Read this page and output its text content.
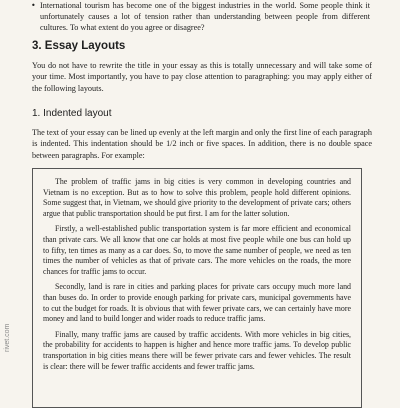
• International tourism has become one of the biggest industries in the world. Some people think it unfortunately causes a lot of tension rather than understanding between people from different cultures. To what extent do you agree or disagree?
3. Essay Layouts
You do not have to rewrite the title in your essay as this is totally unnecessary and will take some of your time. Most importantly, you have to pay close attention to paragraphing: you may apply either of the following layouts.
1. Indented layout
The text of your essay can be lined up evenly at the left margin and only the first line of each paragraph is indented. This indentation should be 1/2 inch or five spaces. In addition, there is no double space between paragraphs. For example:

The problem of traffic jams in big cities is very common in developing countries and Vietnam is no exception. But as to how to solve this problem, people hold different opinions. Some suggest that, in Vietnam, we should give priority to the development of private cars; others argue that public transportation should be put first. I am for the latter solution.

Firstly, a well-established public transportation system is far more efficient and economical than private cars. We all know that one car holds at most five people while one bus can hold up to fifty, ten times as many as a car does. So, to move the same number of people, we need as ten times the number of vehicles as that of private cars. The more vehicles on the roads, the more chances for traffic jams to occur.

Secondly, land is rare in cities and parking places for private cars occupy much more land than buses do. In order to provide enough parking for private cars, municipal governments have to cut the budget for roads. It is obvious that with fewer private cars, we can certainly have more money and land to build longer and wider roads to reduce traffic jams.

Finally, many traffic jams are caused by traffic accidents. With more vehicles in big cities, the probability for accidents to happen is higher and hence more traffic jams. To develop public transportation in big cities means there will be fewer private cars and fewer vehicles. The result is clear: there will be fewer traffic accidents and fewer traffic jams.

rivet.com
